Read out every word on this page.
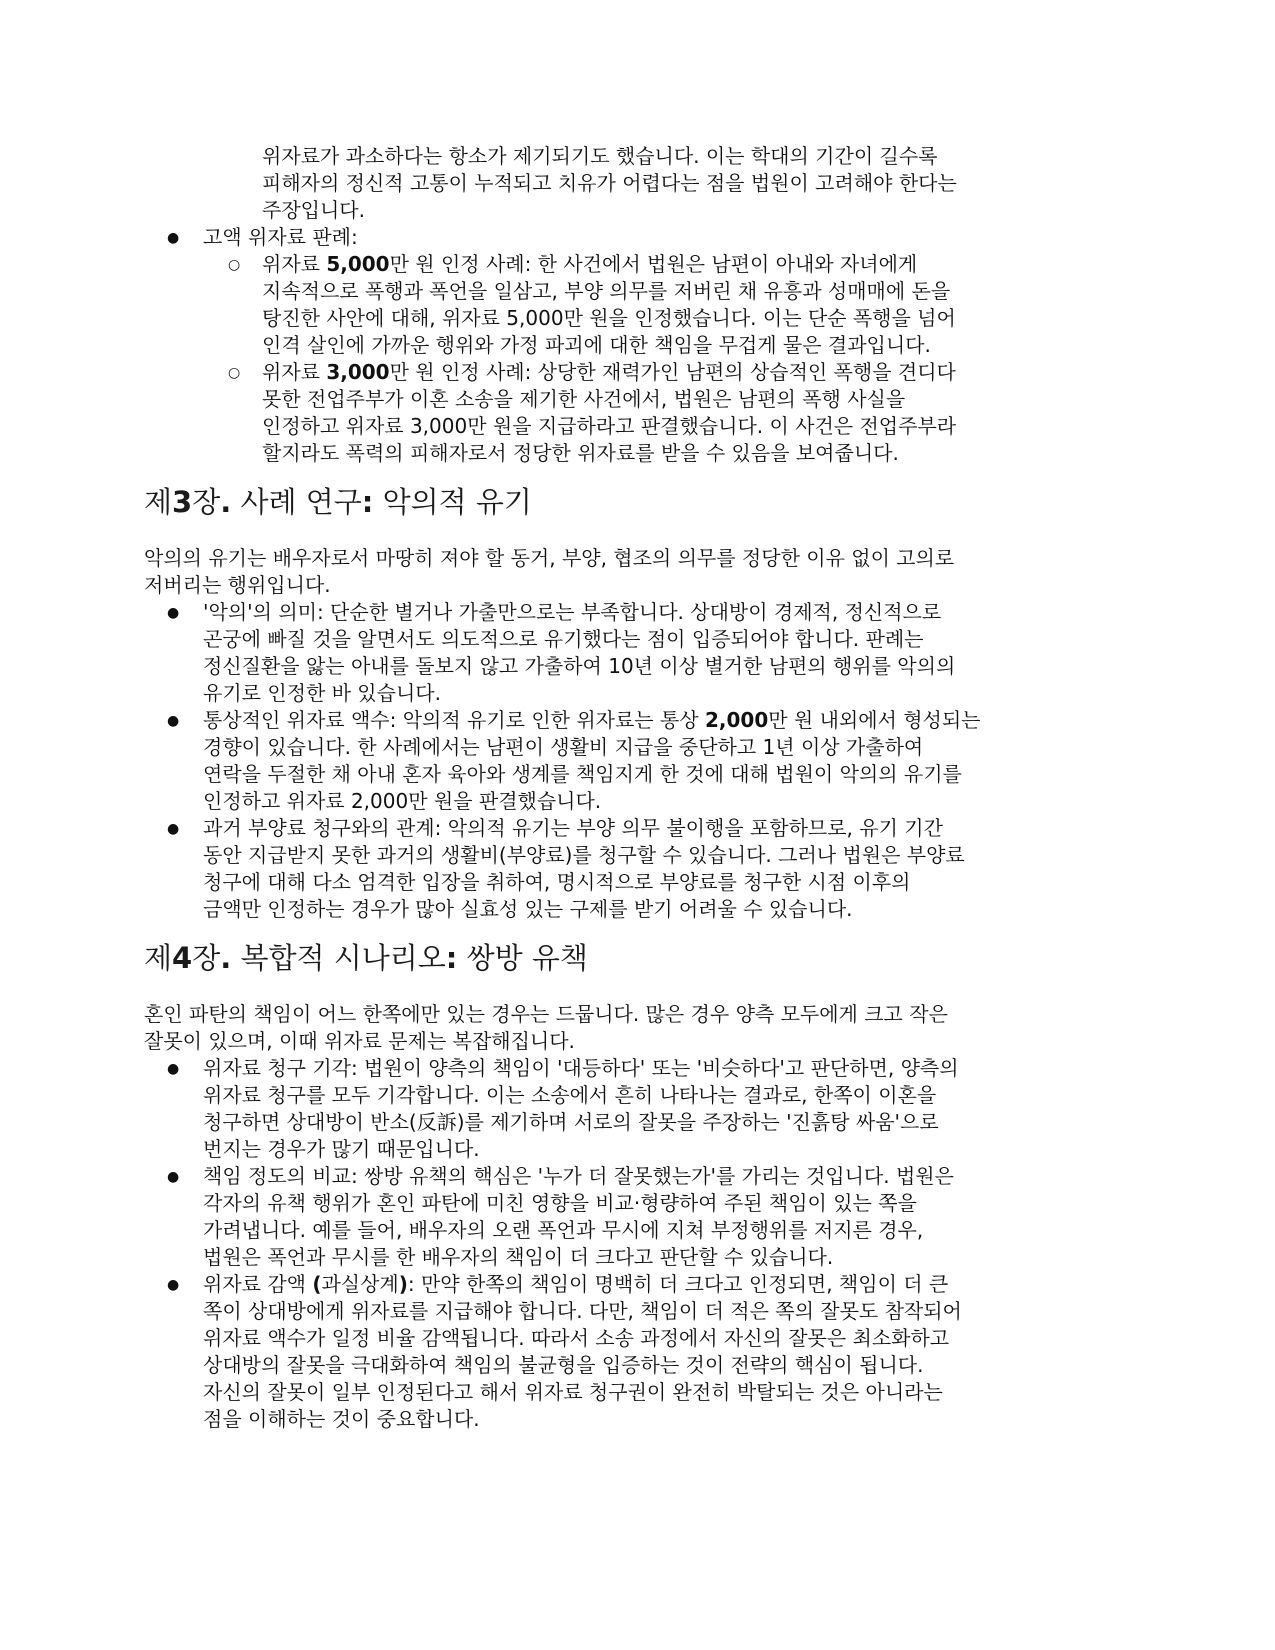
위자료가 과소하다는 항소가 제기되기도 했습니다. 이는 학대의 기간이 길수록
피해자의 정신적 고통이 누적되고 치유가 어렵다는 점을 법원이 고려해야 한다는
주장입니다.
● 고액 위자료 판례:
○ 위자료 5,000만 원 인정 사례: 한 사건에서 법원은 남편이 아내와 자녀에게
지속적으로 폭행과 폭언을 일삼고, 부양 의무를 저버린 채 유흥과 성매매에 돈을
탕진한 사안에 대해, 위자료 5,000만 원을 인정했습니다. 이는 단순 폭행을 넘어
인격 살인에 가까운 행위와 가정 파괴에 대한 책임을 무겁게 물은 결과입니다.
○ 위자료 3,000만 원 인정 사례: 상당한 재력가인 남편의 상습적인 폭행을 견디다
못한 전업주부가 이혼 소송을 제기한 사건에서, 법원은 남편의 폭행 사실을
인정하고 위자료 3,000만 원을 지급하라고 판결했습니다. 이 사건은 전업주부라
할지라도 폭력의 피해자로서 정당한 위자료를 받을 수 있음을 보여줍니다.
제3장. 사례 연구: 악의적 유기
악의의 유기는 배우자로서 마땅히 져야 할 동거, 부양, 협조의 의무를 정당한 이유 없이 고의로
저버리는 행위입니다.
● '악의'의 의미: 단순한 별거나 가출만으로는 부족합니다. 상대방이 경제적, 정신적으로
곤궁에 빠질 것을 알면서도 의도적으로 유기했다는 점이 입증되어야 합니다. 판례는
정신질환을 앓는 아내를 돌보지 않고 가출하여 10년 이상 별거한 남편의 행위를 악의의
유기로 인정한 바 있습니다.
● 통상적인 위자료 액수: 악의적 유기로 인한 위자료는 통상 2,000만 원 내외에서 형성되는
경향이 있습니다. 한 사례에서는 남편이 생활비 지급을 중단하고 1년 이상 가출하여
연락을 두절한 채 아내 혼자 육아와 생계를 책임지게 한 것에 대해 법원이 악의의 유기를
인정하고 위자료 2,000만 원을 판결했습니다.
● 과거 부양료 청구와의 관계: 악의적 유기는 부양 의무 불이행을 포함하므로, 유기 기간
동안 지급받지 못한 과거의 생활비(부양료)를 청구할 수 있습니다. 그러나 법원은 부양료
청구에 대해 다소 엄격한 입장을 취하여, 명시적으로 부양료를 청구한 시점 이후의
금액만 인정하는 경우가 많아 실효성 있는 구제를 받기 어려울 수 있습니다.
제4장. 복합적 시나리오: 쌍방 유책
혼인 파탄의 책임이 어느 한쪽에만 있는 경우는 드뭅니다. 많은 경우 양측 모두에게 크고 작은
잘못이 있으며, 이때 위자료 문제는 복잡해집니다.
● 위자료 청구 기각: 법원이 양측의 책임이 '대등하다' 또는 '비슷하다'고 판단하면, 양측의
위자료 청구를 모두 기각합니다. 이는 소송에서 흔히 나타나는 결과로, 한쪽이 이혼을
청구하면 상대방이 반소(反訴)를 제기하며 서로의 잘못을 주장하는 '진흙탕 싸움'으로
번지는 경우가 많기 때문입니다.
● 책임 정도의 비교: 쌍방 유책의 핵심은 '누가 더 잘못했는가'를 가리는 것입니다. 법원은
각자의 유책 행위가 혼인 파탄에 미친 영향을 비교·형량하여 주된 책임이 있는 쪽을
가려냅니다. 예를 들어, 배우자의 오랜 폭언과 무시에 지쳐 부정행위를 저지른 경우,
법원은 폭언과 무시를 한 배우자의 책임이 더 크다고 판단할 수 있습니다.
● 위자료 감액 (과실상계): 만약 한쪽의 책임이 명백히 더 크다고 인정되면, 책임이 더 큰
쪽이 상대방에게 위자료를 지급해야 합니다. 다만, 책임이 더 적은 쪽의 잘못도 참작되어
위자료 액수가 일정 비율 감액됩니다. 따라서 소송 과정에서 자신의 잘못은 최소화하고
상대방의 잘못을 극대화하여 책임의 불균형을 입증하는 것이 전략의 핵심이 됩니다.
자신의 잘못이 일부 인정된다고 해서 위자료 청구권이 완전히 박탈되는 것은 아니라는
점을 이해하는 것이 중요합니다.
